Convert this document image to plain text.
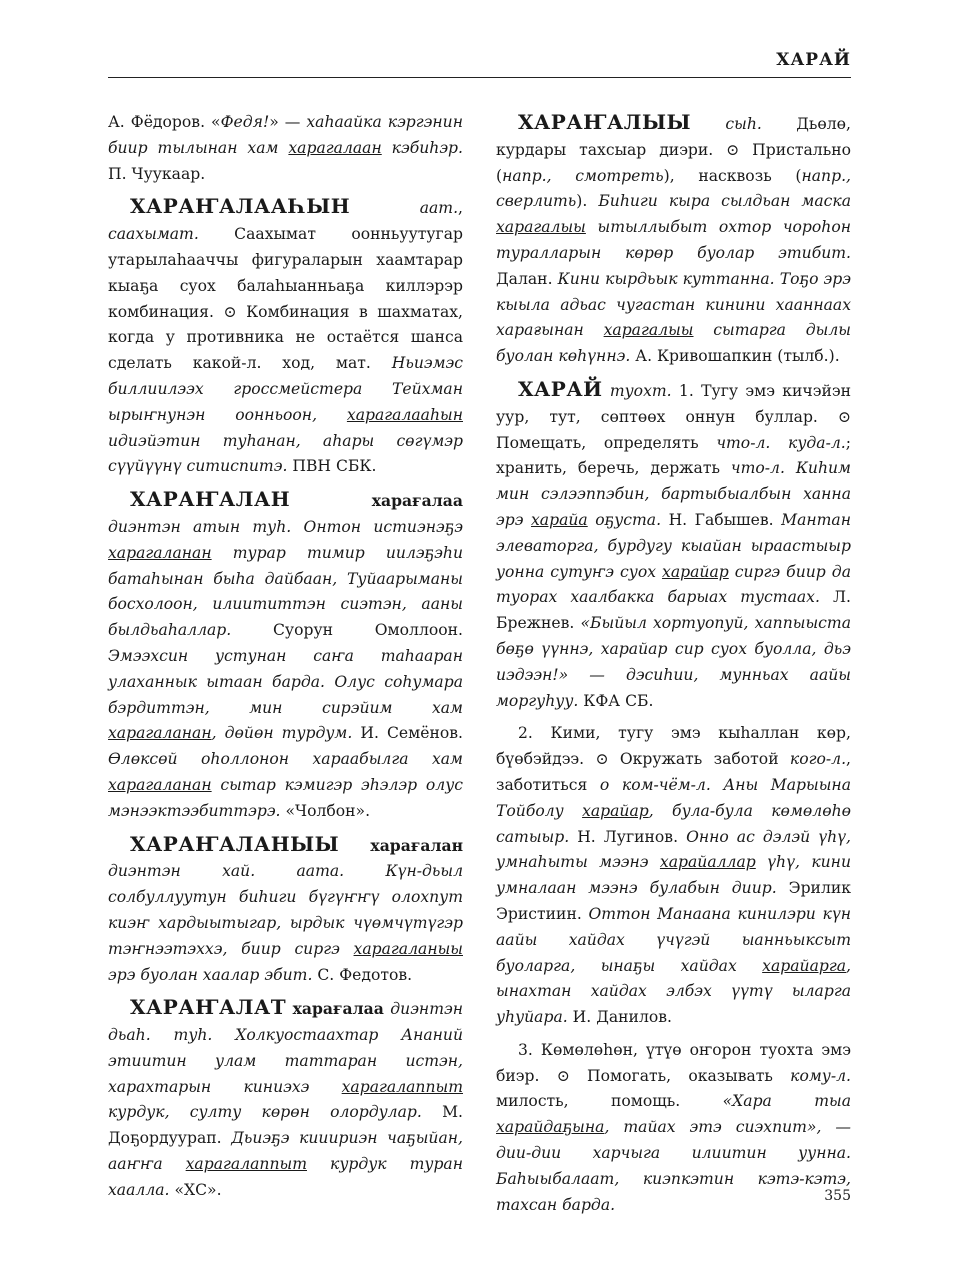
ХАРАЙ

А. Фёдоров. «Федя!» — хаһаайка кэргэнин биир тылынан хам харагалаан кэбиһэр. П. Чуукаар.

ХАРАҤАЛААҺЫН аат., саахымат. Саахымат оонньуутугар утарылаһааччы фигураларын хаамтарар кыаҕа суох балаһыанньаҕа киллэрэр комбинация. ⊙ Комбинация в шахматах, когда у противника не остаётся шанса сделать какой-л. ход, мат. Ньиэмэс биллиилээх гроссмейстера Тейхман ырыҥнунэн оонньоон, харагалааһын идиэйэтин туһанан, аһары сөгүмэр сүүйүүнү ситиспитэ. ПВН СБК.

ХАРАҤАЛАН	харағалаа диэнтэн атын туһ. Онтон истиэнэҕэ харагаланан турар тимир иилэҕэһи батаһынан быһа дайбаан, Туйаарыманы босхолоон, илиититтэн сиэтэн, ааны былдьаһаллар. Суорун Омоллоон. Эмээхсин устунан саҥа таһааран улаханнык ытаан барда. Олус соһумара бэрдиттэн, мин сирэйим хам харагаланан, дөйөн турдум. И. Семёнов. Өлөксөй оһоллонон хараабылга хам харагаланан сытар кэмигэр эһэлэр олус мэнээктээбиттэрэ. «Чолбон».

ХАРАҤАЛАНЫЫ харағалан диэнтэн хай. аата. Күн-дьыл солбуллуутун биһиги бүгүҥҥү олохпут киэҥ хардыытыгар, ырдык чүөмчүтүгэр тэҥнээтэххэ, биир сиргэ харагаланыы эрэ буолан хаалар эбит. С. Федотов.

ХАРАҤАЛАТ харағалаа диэнтэн дьаһ. туһ. Холкуостаахтар Ананий этиитин улам таттаран истэн, харахтарын киниэхэ харагалаппыт курдук, султу көрөн олордулар. М. Доҕордуурап. Дьиэҕэ кииириэн чаҕыйан, ааҥҥа харагалаппыт курдук туран хаалла. «ХС».

ХАРАҤАЛЫЫ сыһ. Дьөлө, курдары тахсыар диэри. ⊙ Пристально (напр., смотреть), насквозь (напр., сверлить). Биһиги кыра сылдьан маска харагалыы ытыллыбыт охтор чороһон туралларын көрөр буолар этибит. Далан. Кини кырдьык куттанна. Тоҕо эрэ кыыла адьас чугастан кинини хааннаах харағынан харагалыы сытарга дылы буолан көһүннэ. А. Кривошапкин (тылб.).

ХАРАЙ туохт. 1. Тугу эмэ кичэйэн уур, тут, сөптөөх оннун буллар. ⊙ Помещать, определять что-л. куда-л.; хранить, беречь, держать что-л. Киһим мин сэлээппэбин, бартыбыалбын ханна эрэ харайа оҕуста. Н. Габышев. Мантан элеваторга, бурдугу кыайан ыраастыыр уонна сутуҥэ суох харайар сиргэ биир да туорах хаалбакка барыах тустаах. Л. Брежнев. «Быйыл хортуопуй, хаппыыста бөҕө үүннэ, харайар сир суох буолла, дьэ иэдээн!» — дэсиһии, мунньах аайы моргуһуу. КФА СБ.

2. Кими, тугу эмэ кыһаллан көр, бүөбэйдээ. ⊙ Окружать заботой кого-л., заботиться о ком-чём-л. Аны Марыына Тойболу харайар, була-була көмөлөһө сатыыр. Н. Лугинов. Онно ас дэлэй үһү, умнаһыты мээнэ харайаллар үһү, кини умналаан мээнэ булабын диир. Эрилик Эристиин. Оттон Манаана кинилэри күн аайы хайдах үчүгэй ыанньыксыт буоларга, ынаҕы хайдах харайарга, ынахтан хайдах элбэх үүтү ыларга уһуйара. И. Данилов.

3. Көмөлөһөн, үтүө оҥорон туохта эмэ биэр. ⊙ Помогать, оказывать кому-л. милость, помощь. «Хара тыа харайдаҕына, тайах этэ сиэхпит», — дии-дии харчыга илиитин уунна. Баһыыбалаат, киэпкэтин кэтэ-кэтэ, тахсан барда.	355
